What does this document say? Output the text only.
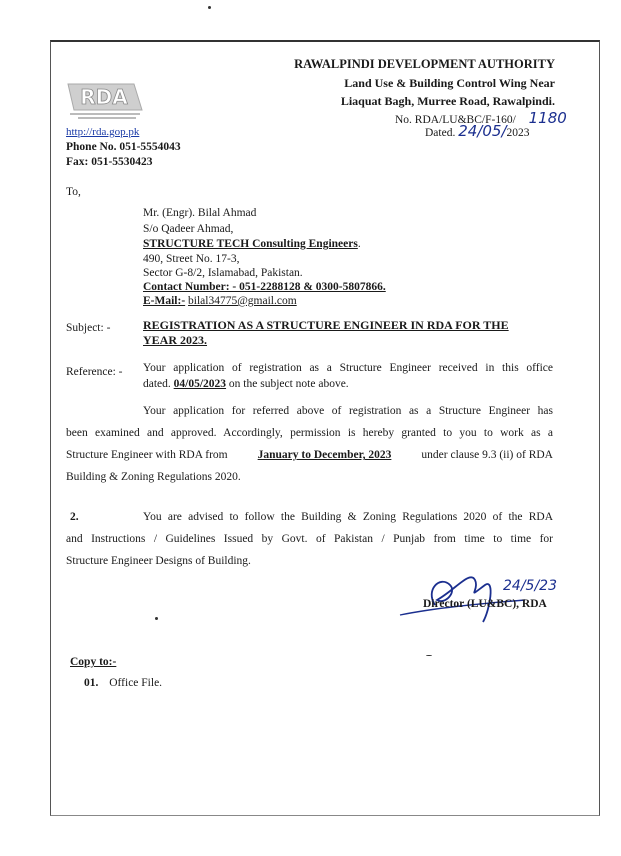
RDA
RAWALPINDI DEVELOPMENT AUTHORITY
Land Use & Building Control Wing Near
Liaquat Bagh, Murree Road, Rawalpindi.
No. RDA/LU&BC/F-160/ 1180
Dated. 24/05/2023
http://rda.gop.pk
Phone No. 051-5554043
Fax: 051-5530423
To,
Mr. (Engr). Bilal Ahmad
S/o Qadeer Ahmad,
STRUCTURE TECH Consulting Engineers.
490, Street No. 17-3,
Sector G-8/2, Islamabad, Pakistan.
Contact Number: - 051-2288128 & 0300-5807866.
E-Mail:- bilal34775@gmail.com
Subject: -	REGISTRATION AS A STRUCTURE ENGINEER IN RDA FOR THE
YEAR 2023.
Reference: - Your application of registration as a Structure Engineer received in this office
dated. 04/05/2023 on the subject note above.
Your application for referred above of registration as a Structure Engineer has
been examined and approved. Accordingly, permission is hereby granted to you to work as a
Structure Engineer with RDA from	January to December, 2023	under clause 9.3 (ii) of RDA
Building & Zoning Regulations 2020.
2.	You are advised to follow the Building & Zoning Regulations 2020 of the RDA
and Instructions / Guidelines Issued by Govt. of Pakistan / Punjab from time to time for
Structure Engineer Designs of Building.
24/5/23
Director (LU&BC), RDA
Copy to:-
01. Office File.
